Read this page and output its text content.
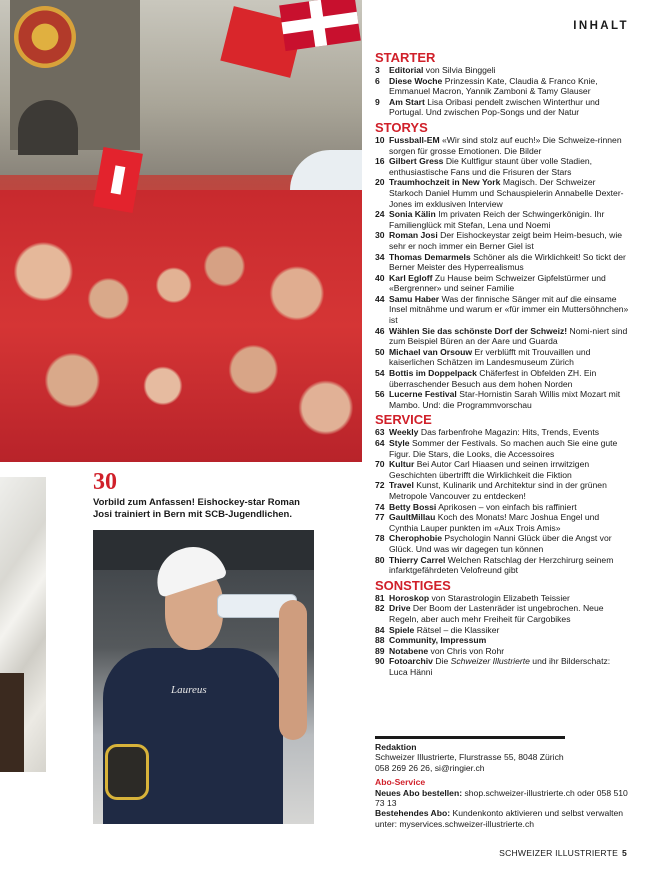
30
Vorbild zum Anfassen! Eishockey-star Roman Josi trainiert in Bern mit SCB-Jugendlichen.
Laureus
INHALT
STARTER
3 Editorial von Silvia Binggeli
6 Diese Woche Prinzessin Kate, Claudia & Franco Knie, Emmanuel Macron, Yannik Zamboni & Tamy Glauser
9 Am Start Lisa Oribasi pendelt zwischen Winterthur und Portugal. Und zwischen Pop-Songs und der Natur
STORYS
10 Fussball-EM «Wir sind stolz auf euch!» Die Schweize-rinnen sorgen für grosse Emotionen. Die Bilder
16 Gilbert Gress Die Kultfigur staunt über volle Stadien, enthusiastische Fans und die Frisuren der Stars
20 Traumhochzeit in New York Magisch. Der Schweizer Starkoch Daniel Humm und Schauspielerin Annabelle Dexter-Jones im exklusiven Interview
24 Sonia Kälin Im privaten Reich der Schwingerkönigin. Ihr Familienglück mit Stefan, Lena und Noemi
30 Roman Josi Der Eishockeystar zeigt beim Heim-besuch, wie sehr er noch immer ein Berner Giel ist
34 Thomas Demarmels Schöner als die Wirklichkeit! So tickt der Berner Meister des Hyperrealismus
40 Karl Egloff Zu Hause beim Schweizer Gipfelstürmer und «Bergrenner» und seiner Familie
44 Samu Haber Was der finnische Sänger mit auf die einsame Insel mitnähme und warum er «für immer ein Muttersöhnchen» ist
46 Wählen Sie das schönste Dorf der Schweiz! Nomi-niert sind zum Beispiel Büren an der Aare und Guarda
50 Michael van Orsouw Er verblüfft mit Trouvaillen und kaiserlichen Schätzen im Landesmuseum Zürich
54 Bottis im Doppelpack Chäferfest in Obfelden ZH. Ein überraschender Besuch aus dem hohen Norden
56 Lucerne Festival Star-Hornistin Sarah Willis mixt Mozart mit Mambo. Und: die Programmvorschau
SERVICE
63 Weekly Das farbenfrohe Magazin: Hits, Trends, Events
64 Style Sommer der Festivals. So machen auch Sie eine gute Figur. Die Stars, die Looks, die Accessoires
70 Kultur Bei Autor Carl Hiaasen und seinen irrwitzigen Geschichten übertrifft die Wirklichkeit die Fiktion
72 Travel Kunst, Kulinarik und Architektur sind in der grünen Metropole Vancouver zu entdecken!
74 Betty Bossi Aprikosen – von einfach bis raffiniert
77 GaultMillau Koch des Monats! Marc Joshua Engel und Cynthia Lauper punkten im «Aux Trois Amis»
78 Cherophobie Psychologin Nanni Glück über die Angst vor Glück. Und was wir dagegen tun können
80 Thierry Carrel Welchen Ratschlag der Herzchirurg seinem infarktgefährdeten Velofreund gibt
SONSTIGES
81 Horoskop von Starastrologin Elizabeth Teissier
82 Drive Der Boom der Lastenräder ist ungebrochen. Neue Regeln, aber auch mehr Freiheit für Cargobikes
84 Spiele Rätsel – die Klassiker
88 Community, Impressum
89 Notabene von Chris von Rohr
90 Fotoarchiv Die Schweizer Illustrierte und ihr Bilderschatz: Luca Hänni
Redaktion
Schweizer Illustrierte, Flurstrasse 55, 8048 Zürich
058 269 26 26, si@ringier.ch
Abo-Service
Neues Abo bestellen: shop.schweizer-illustrierte.ch oder 058 510 73 13
Bestehendes Abo: Kundenkonto aktivieren und selbst verwalten unter: myservices.schweizer-illustrierte.ch
SCHWEIZER ILLUSTRIERTE 5
